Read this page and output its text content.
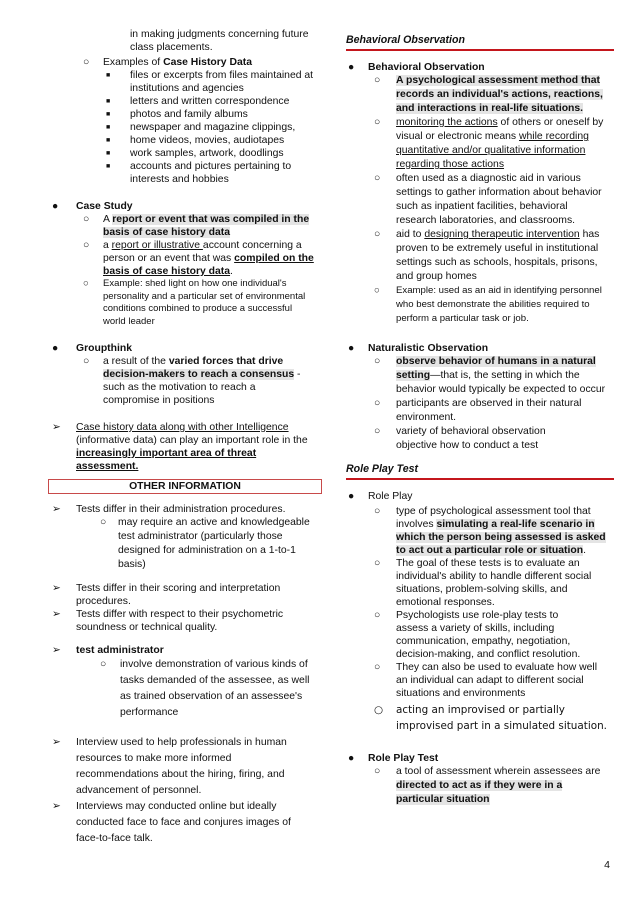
in making judgments concerning future
class placements.
○ Examples of Case History Data
■ files or excerpts from files maintained at
institutions and agencies
■ letters and written correspondence
■ photos and family albums
■ newspaper and magazine clippings,
■ home videos, movies, audiotapes
■ work samples, artwork, doodlings
■ accounts and pictures pertaining to
interests and hobbies
● Case Study
○ A report or event that was compiled in the
basis of case history data
○ a report or illustrative account concerning a
person or an event that was compiled on the
basis of case history data.
○ Example: shed light on how one individual's
personality and a particular set of environmental
conditions combined to produce a successful
world leader
● Groupthink
○ a result of the varied forces that drive
decision-makers to reach a consensus -
such as the motivation to reach a
compromise in positions
➢ Case history data along with other Intelligence
(informative data) can play an important role in the
increasingly important area of threat
assessment.
OTHER INFORMATION
➢ Tests differ in their administration procedures.
○ may require an active and knowledgeable
test administrator (particularly those
designed for administration on a 1-to-1
basis)
➢ Tests differ in their scoring and interpretation
procedures.
➢ Tests differ with respect to their psychometric
soundness or technical quality.
➢ test administrator
○ involve demonstration of various kinds of
tasks demanded of the assessee, as well
as trained observation of an assessee's
performance
➢ Interview used to help professionals in human
resources to make more informed
recommendations about the hiring, firing, and
advancement of personnel.
➢ Interviews may conducted online but ideally
conducted face to face and conjures images of
face-to-face talk.
Behavioral Observation
● Behavioral Observation
○ A psychological assessment method that
records an individual's actions, reactions,
and interactions in real-life situations.
○ monitoring the actions of others or oneself by
visual or electronic means while recording
quantitative and/or qualitative information
regarding those actions
○ often used as a diagnostic aid in various
settings to gather information about behavior
such as inpatient facilities, behavioral
research laboratories, and classrooms.
○ aid to designing therapeutic intervention has
proven to be extremely useful in institutional
settings such as schools, hospitals, prisons,
and group homes
○ Example: used as an aid in identifying personnel
who best demonstrate the abilities required to
perform a particular task or job.
● Naturalistic Observation
○ observe behavior of humans in a natural
setting—that is, the setting in which the
behavior would typically be expected to occur
○ participants are observed in their natural
environment.
○ variety of behavioral observation
objective how to conduct a test
Role Play Test
● Role Play
○ type of psychological assessment tool that
involves simulating a real-life scenario in
which the person being assessed is asked
to act out a particular role or situation.
○ The goal of these tests is to evaluate an
individual's ability to handle different social
situations, problem-solving skills, and
emotional responses.
○ Psychologists use role-play tests to
assess a variety of skills, including
communication, empathy, negotiation,
decision-making, and conflict resolution.
○ They can also be used to evaluate how well
an individual can adapt to different social
situations and environments
○ acting an improvised or partially
improvised part in a simulated situation.
● Role Play Test
○ a tool of assessment wherein assessees are
directed to act as if they were in a
particular situation
4
